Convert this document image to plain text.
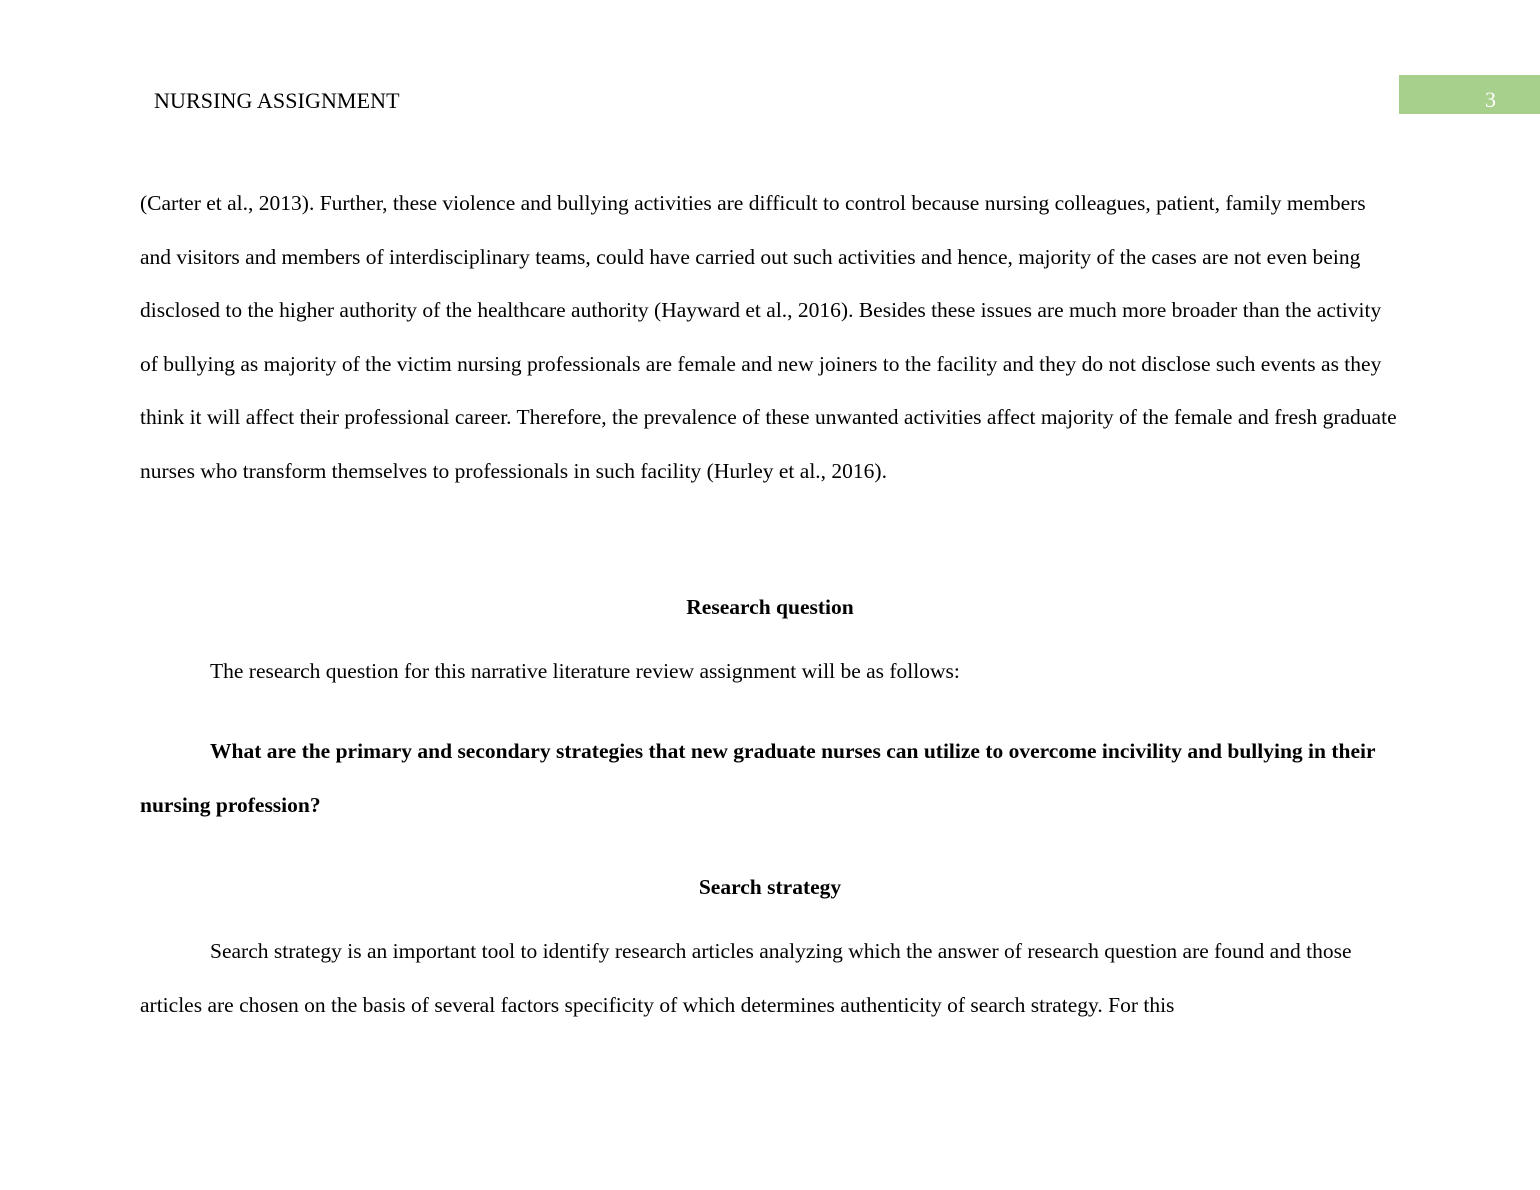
NURSING ASSIGNMENT	3
(Carter et al., 2013). Further, these violence and bullying activities are difficult to control because nursing colleagues, patient, family members and visitors and members of interdisciplinary teams, could have carried out such activities and hence, majority of the cases are not even being disclosed to the higher authority of the healthcare authority (Hayward et al., 2016). Besides these issues are much more broader than the activity of bullying as majority of the victim nursing professionals are female and new joiners to the facility and they do not disclose such events as they think it will affect their professional career. Therefore, the prevalence of these unwanted activities affect majority of the female and fresh graduate nurses who transform themselves to professionals in such facility (Hurley et al., 2016).
Research question
The research question for this narrative literature review assignment will be as follows:
What are the primary and secondary strategies that new graduate nurses can utilize to overcome incivility and bullying in their nursing profession?
Search strategy
Search strategy is an important tool to identify research articles analyzing which the answer of research question are found and those articles are chosen on the basis of several factors specificity of which determines authenticity of search strategy. For this
